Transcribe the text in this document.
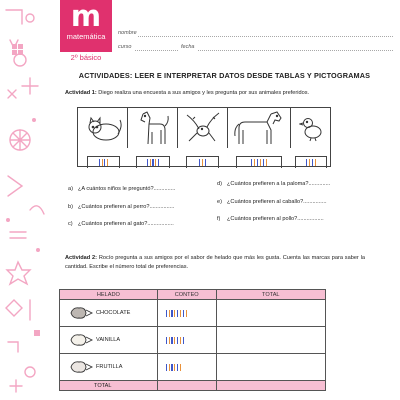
m
matemática
2º básico
nombre
curso	fecha
ACTIVIDADES: LEER E INTERPRETAR DATOS DESDE TABLAS Y PICTOGRAMAS
Actividad 1: Diego realiza una encuesta a sus amigos y les pregunta por sus animales preferidos.
a) ¿A cuántos niños le preguntó?..............
b) ¿Cuántos prefieren al perro?................
c) ¿Cuántos prefieren al gato?.................
d) ¿Cuántos prefieren a la paloma?..............
e) ¿Cuántos prefieren al caballo?...............
f) ¿Cuántos prefieren al pollo?.................
Actividad 2: Rocío pregunta a sus amigos por el sabor de helado que más les gusta. Cuenta las marcas para saber la cantidad. Escribe el número total de preferencias.
HELADO	CONTEO	TOTAL

CHOCOLATE	

VAINILLA	

FRUTILLA	

TOTAL		
